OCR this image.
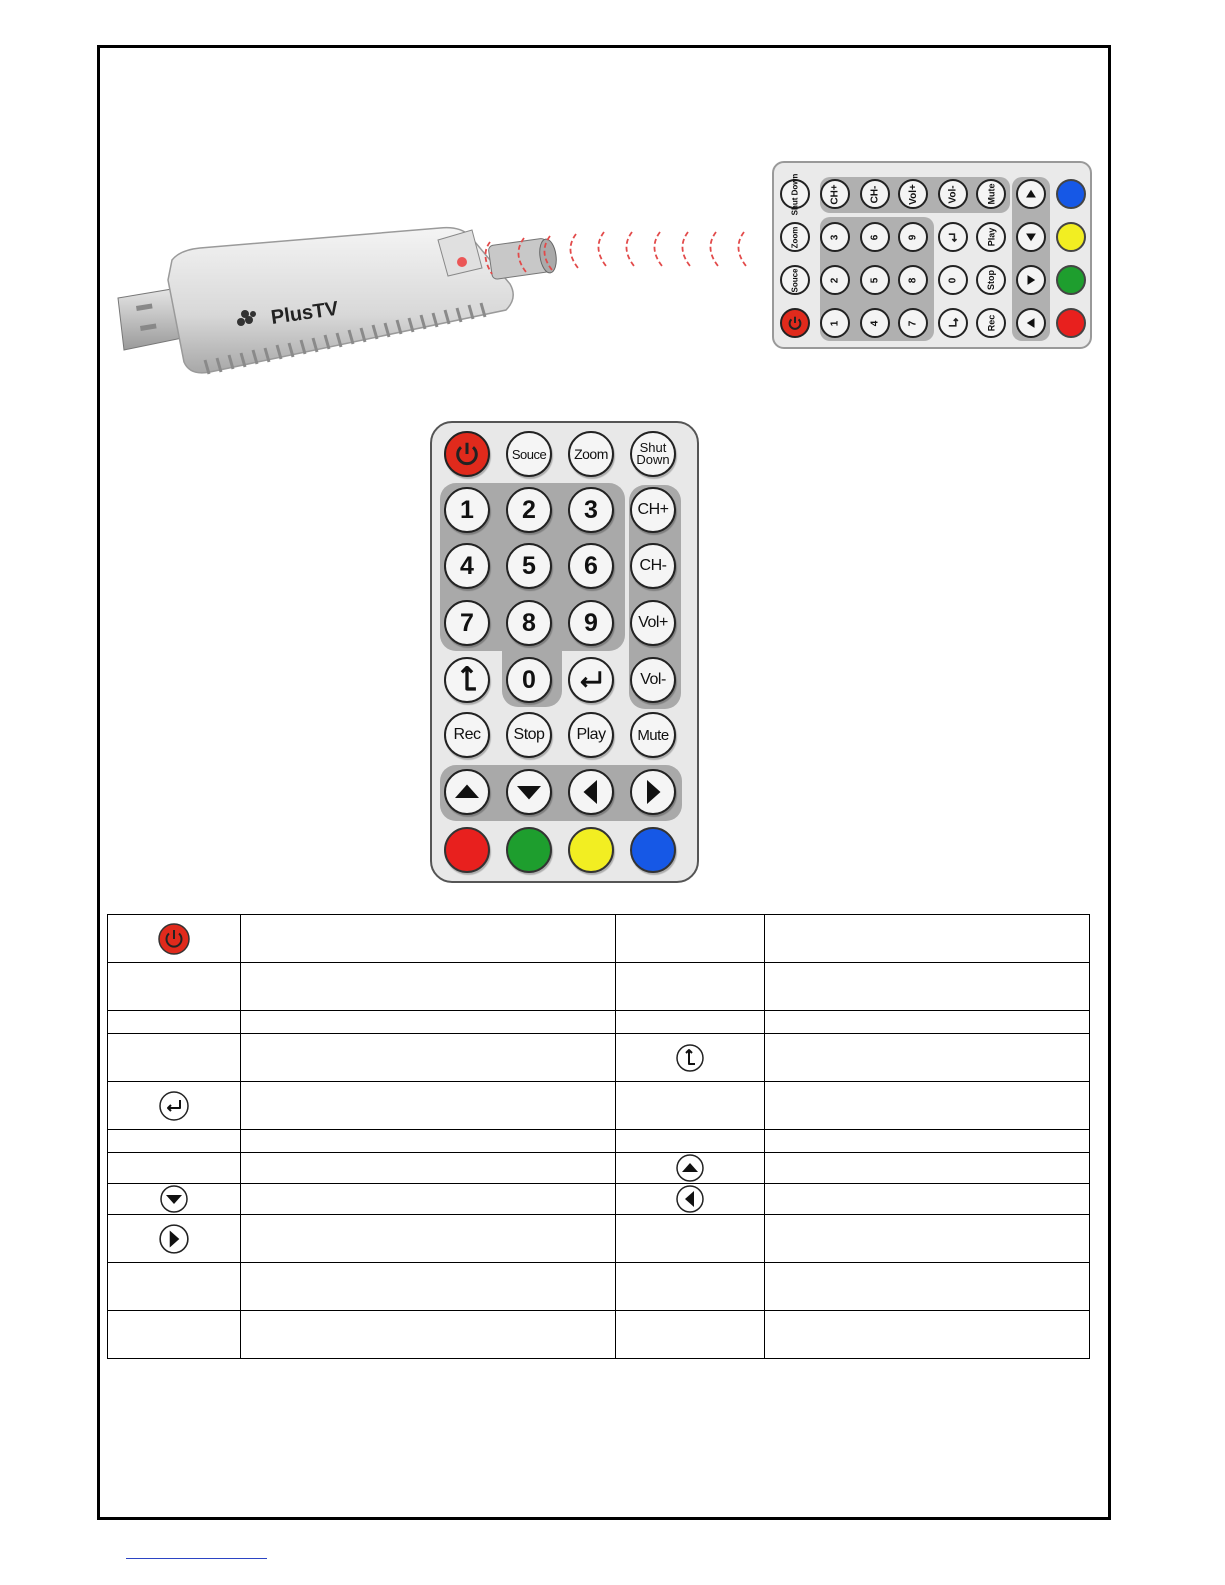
PlusTV
Shut Down
Zoom
Souce
CH+
3
2
1
CH-
6
5
4
Vol+
9
8
7
Vol-
0
Mute
Play
Stop
Rec
Souce	Zoom	Shut
Down
1	2	3
4	5	6
7	8	9
0
CH+
CH-
Vol+
Vol-
Rec	Stop	Play	Mute
